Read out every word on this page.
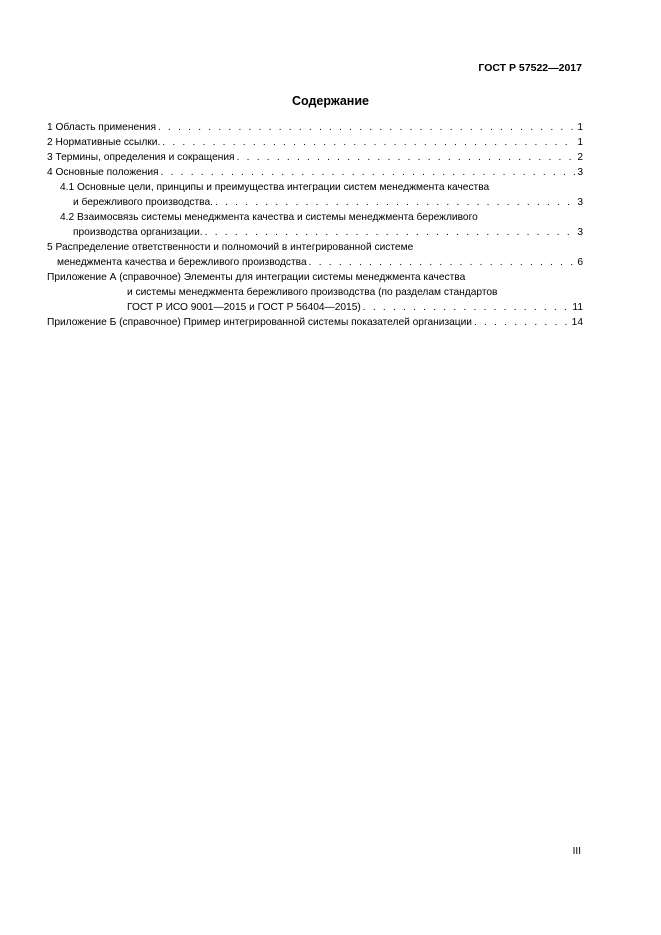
ГОСТ Р 57522—2017
Содержание
1 Область применения . . .	1
2 Нормативные ссылки. . . .	1
3 Термины, определения и сокращения . . .	2
4 Основные положения . . .	3
4.1 Основные цели, принципы и преимущества интеграции систем менеджмента качества
и бережливого производства. . . .	3
4.2 Взаимосвязь системы менеджмента качества и системы менеджмента бережливого
производства организации. . . .	3
5 Распределение ответственности и полномочий в интегрированной системе
менеджмента качества и бережливого производства . . .	6
Приложение А (справочное) Элементы для интеграции системы менеджмента качества
и системы менеджмента бережливого производства (по разделам стандартов
ГОСТ Р ИСО 9001—2015 и ГОСТ Р 56404—2015) . . .	11
Приложение Б (справочное) Пример интегрированной системы показателей организации . . .	14
III
